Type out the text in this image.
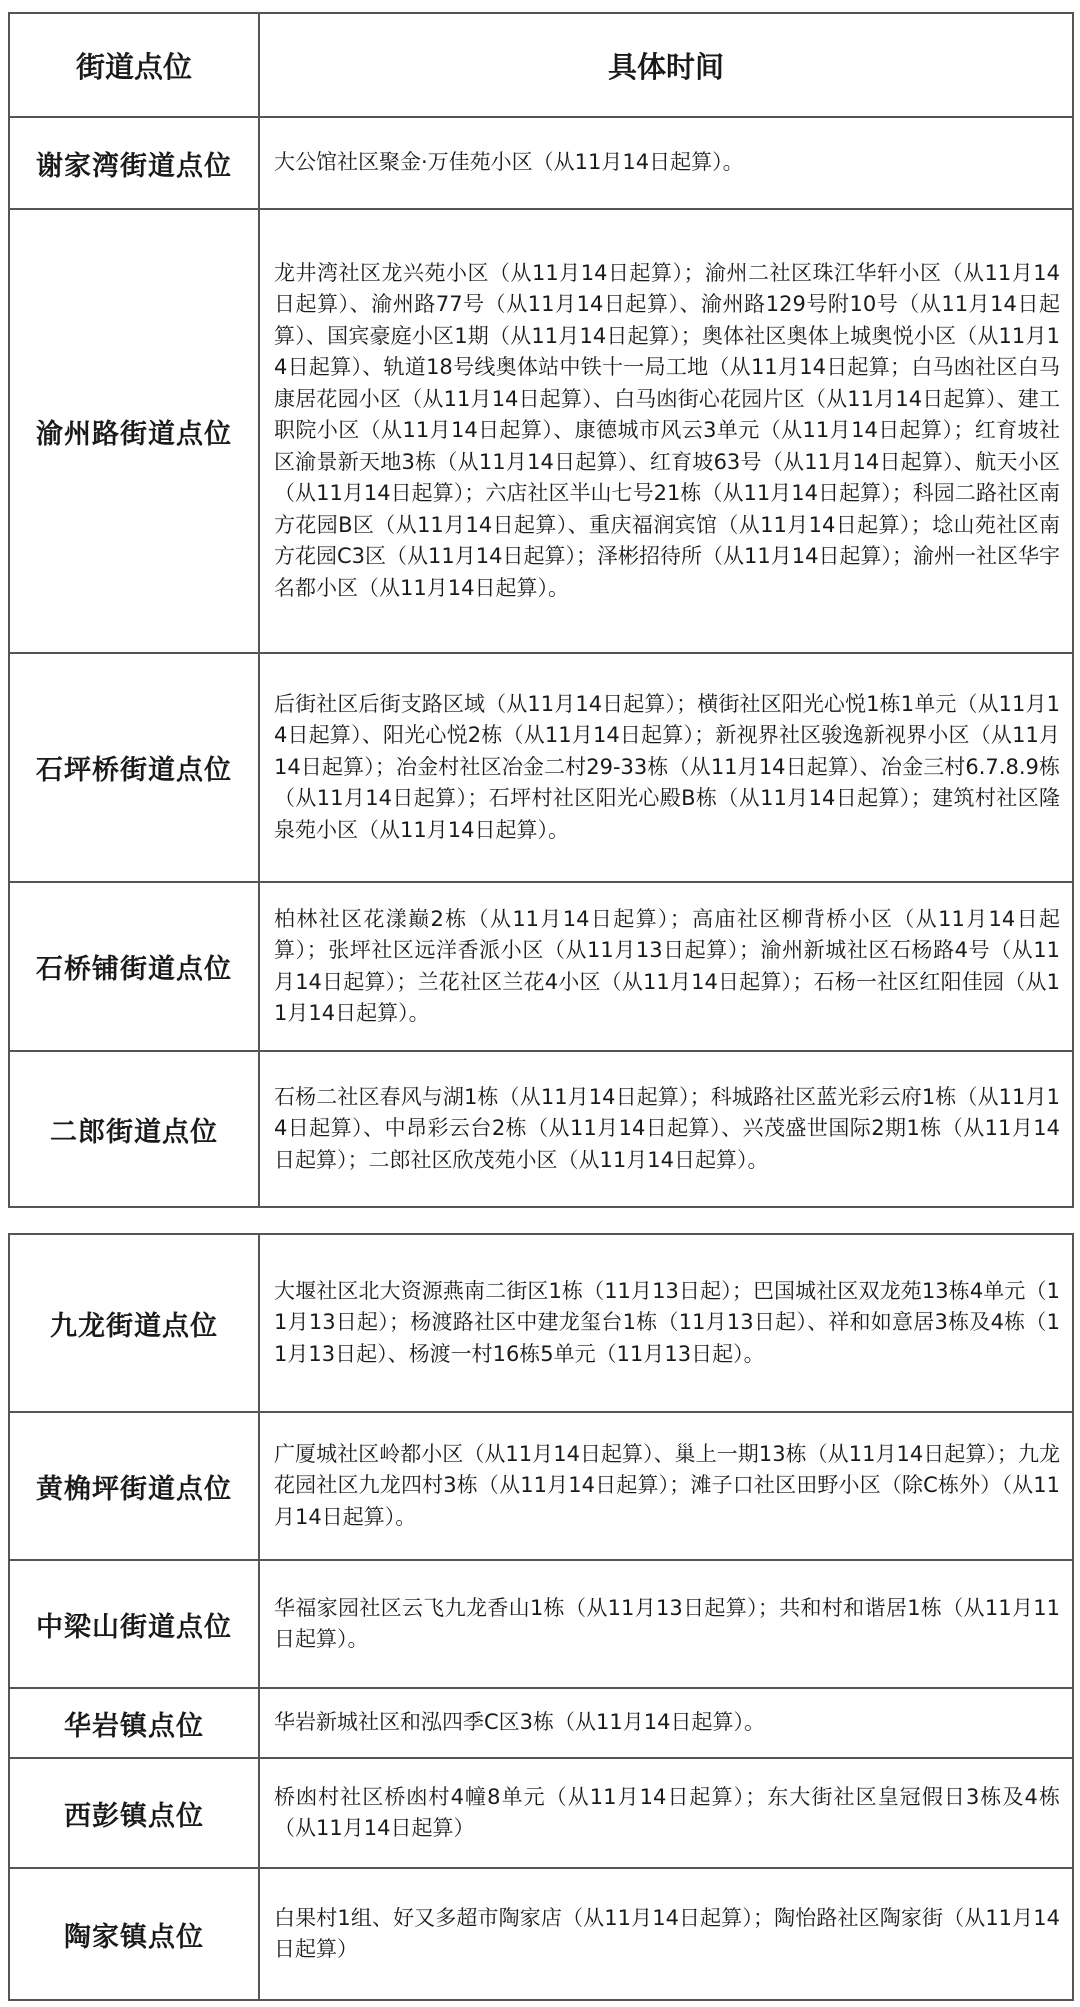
街道点位	具体时间
谢家湾街道点位	大公馆社区聚金·万佳苑小区（从11月14日起算）。
渝州路街道点位	龙井湾社区龙兴苑小区（从11月14日起算）；渝州二社区珠江华轩小区（从11月14日起算）、渝州路77号（从11月14日起算）、渝州路129号附10号（从11月14日起算）、国宾豪庭小区1期（从11月14日起算）；奥体社区奥体上城奥悦小区（从11月14日起算）、轨道18号线奥体站中铁十一局工地（从11月14日起算；白马凼社区白马康居花园小区（从11月14日起算）、白马凼街心花园片区（从11月14日起算）、建工职院小区（从11月14日起算）、康德城市风云3单元（从11月14日起算）；红育坡社区渝景新天地3栋（从11月14日起算）、红育坡63号（从11月14日起算）、航天小区（从11月14日起算）；六店社区半山七号21栋（从11月14日起算）；科园二路社区南方花园B区（从11月14日起算）、重庆福润宾馆（从11月14日起算）；埝山苑社区南方花园C3区（从11月14日起算）；泽彬招待所（从11月14日起算）；渝州一社区华宇名都小区（从11月14日起算）。
石坪桥街道点位	后街社区后街支路区域（从11月14日起算）；横街社区阳光心悦1栋1单元（从11月14日起算）、阳光心悦2栋（从11月14日起算）；新视界社区骏逸新视界小区（从11月14日起算）；冶金村社区冶金二村29-33栋（从11月14日起算）、冶金三村6.7.8.9栋（从11月14日起算）；石坪村社区阳光心殿B栋（从11月14日起算）；建筑村社区隆泉苑小区（从11月14日起算）。
石桥铺街道点位	柏林社区花漾巅2栋（从11月14日起算）；高庙社区柳背桥小区（从11月14日起算）；张坪社区远洋香派小区（从11月13日起算）；渝州新城社区石杨路4号（从11月14日起算）；兰花社区兰花4小区（从11月14日起算）；石杨一社区红阳佳园（从11月14日起算）。
二郎街道点位	石杨二社区春风与湖1栋（从11月14日起算）；科城路社区蓝光彩云府1栋（从11月14日起算）、中昂彩云台2栋（从11月14日起算）、兴茂盛世国际2期1栋（从11月14日起算）；二郎社区欣茂苑小区（从11月14日起算）。
九龙街道点位	大堰社区北大资源燕南二街区1栋（11月13日起）；巴国城社区双龙苑13栋4单元（11月13日起）；杨渡路社区中建龙玺台1栋（11月13日起）、祥和如意居3栋及4栋（11月13日起）、杨渡一村16栋5单元（11月13日起）。
黄桷坪街道点位	广厦城社区岭都小区（从11月14日起算）、巢上一期13栋（从11月14日起算）；九龙花园社区九龙四村3栋（从11月14日起算）；滩子口社区田野小区（除C栋外）（从11月14日起算）。
中梁山街道点位	华福家园社区云飞九龙香山1栋（从11月13日起算）；共和村和谐居1栋（从11月11日起算）。
华岩镇点位	华岩新城社区和泓四季C区3栋（从11月14日起算）。
西彭镇点位	桥凼村社区桥凼村4幢8单元（从11月14日起算）；东大街社区皇冠假日3栋及4栋（从11月14日起算）
陶家镇点位	白果村1组、好又多超市陶家店（从11月14日起算）；陶怡路社区陶家街（从11月14日起算）
